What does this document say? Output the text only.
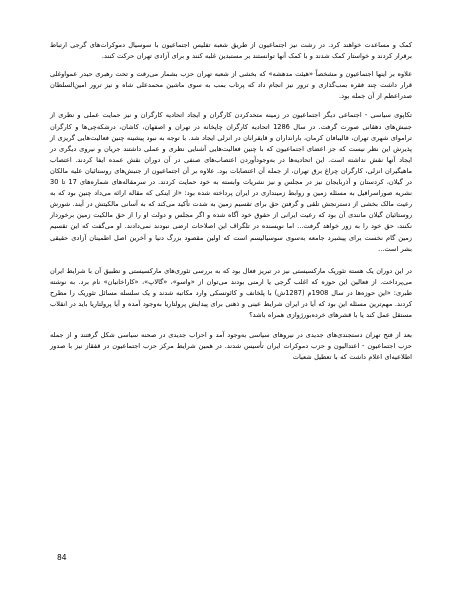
کمک و مساعدت خواهند کرد. در رشت نیز اجتماعیون از طریق شعبه تفلیس اجتماعیون با سوسیال دموکرات‌های گرجی ارتباط برقرار کردند و خواستار کمک شدند و با کمک آنها توانستند بر مستبدین غلبه کنند و برای آزادی تهران حرکت کنند.

علاوه بر اینها اجتماعیون و مشخصاً «هیئت مدهشه» که بخشی از شعبه تهران حزب بشمار می‌رفت و تحت رهبری حیدر عمواوغلی قرار داشت چند فقره بمب‌گذاری و ترور نیز انجام داد که پرتاب بمب به سوی ماشین محمدعلی شاه و نیز ترور امین‌السلطان صدراعظم از آن جمله بود.

تکاپوی سیاسی - اجتماعی دیگر اجتماعیون در زمینه متحدکردن کارگران و ایجاد اتحادیه کارگران و نیز حمایت عملی و نظری از جنبش‌های دهقانی صورت گرفت. در سال 1286 اتحادیه کارگران چاپخانه در تهران و اصفهان، کاشان، درشکه‌چی‌ها و کارگران تراموای شهری تهران، قالیبافان کرمان، بارانداران و قایقرانان در انزلی ایجاد شد. با توجه به نبود پیشینه چنین فعالیت‌هایی گریزی از پذیرش این نظر نیست که جز اعضای اجتماعیون که با چنین فعالیت‌هایی آشنایی نظری و عملی داشتند جریان و نیروی دیگری در ایجاد آنها نقش نداشته است. این اتحادیه‌ها در به‌وجودآوردن اعتصاب‌های صنفی در آن دوران نقش عمده ایفا کردند. اعتصاب ماهیگیران انزلی، کارگران چراغ برق تهران، از جمله آن اعتصابات بود. علاوه بر آن اجتماعیون از جنبش‌های روستائیان علیه مالکان در گیلان، کردستان و آذربایجان نیز در مجلس و نیز نشریات وابسته به خود حمایت کردند. در سرمقاله‌های شماره‌های 17 تا 30 نشریه صوراسرافیل به مسئله زمین و روابط زمینداری در ایران پرداخته شده بود: «از اینکی که مقاله ارائه می‌داد چنین بود که به رعیت مالک بخشی از دسترنجش تلقی و گرفتن حق برای تقسیم زمین به شدت تأکید می‌کند که به آسانی مالکیتش در آیند. شورش روستائیان گیلان مانندی آن بود که رعیت ایرانی از حقوق خود آگاه شده و اگر مجلس و دولت او را از حق مالکیت زمین برخوردار نکنند، حق خود را به زور خواهد گرفت... اما نویسنده در تلگراف این اصلاحات ارضی نبودند نمی‌دادند. او می‌گفت که این تقسیم زمین گام نخست برای پیشبرد جامعه به‌سوی سوسیالیسم است که اولین مقصود بزرگ دنیا و آخرین اصل اطمینان آزادی حقیقی بشر است...

در این دوران یک هسته تئوریک مارکسیستی نیز در تبریز فعال بود که به بررسی تئوری‌های مارکسیستی و تطبیق آن با شرایط ایران می‌پرداخت. از فعالین این حوزه که اغلب گرجی یا ارمنی بودند می‌توان از «واسو»، «گالاپ»، «کاراخانیان» نام برد. به نوشته طبری: «این حوزه‌ها در سال 1908م (1287ش) با پلخانف و کائوتسکی وارد مکاتبه شدند و یک سلسله مسائل تئوریک را مطرح کردند. مهم‌ترین مسئله این بود که آیا در ایران شرایط عینی و ذهنی برای پیدایش پرولتاریا به‌وجود آمده و آیا پرولتاریا باید در انقلاب مستقل عمل کند یا با قشرهای خرده‌بورژوازی همراه باشد؟

بعد از فتح تهران دستجندی‌های جدیدی در نیروهای سیاسی به‌وجود آمد و احزاب جدیدی در صحنه سیاسی شکل گرفتند و از جمله حزب اجتماعیون - اعتدالیون و حزب دموکرات ایران تأسیس شدند. در همین شرایط مرکز حزب اجتماعیون در قفقاز نیز با صدور اطلاعیه‌ای اعلام داشت که با تعطیل شعبات

84
